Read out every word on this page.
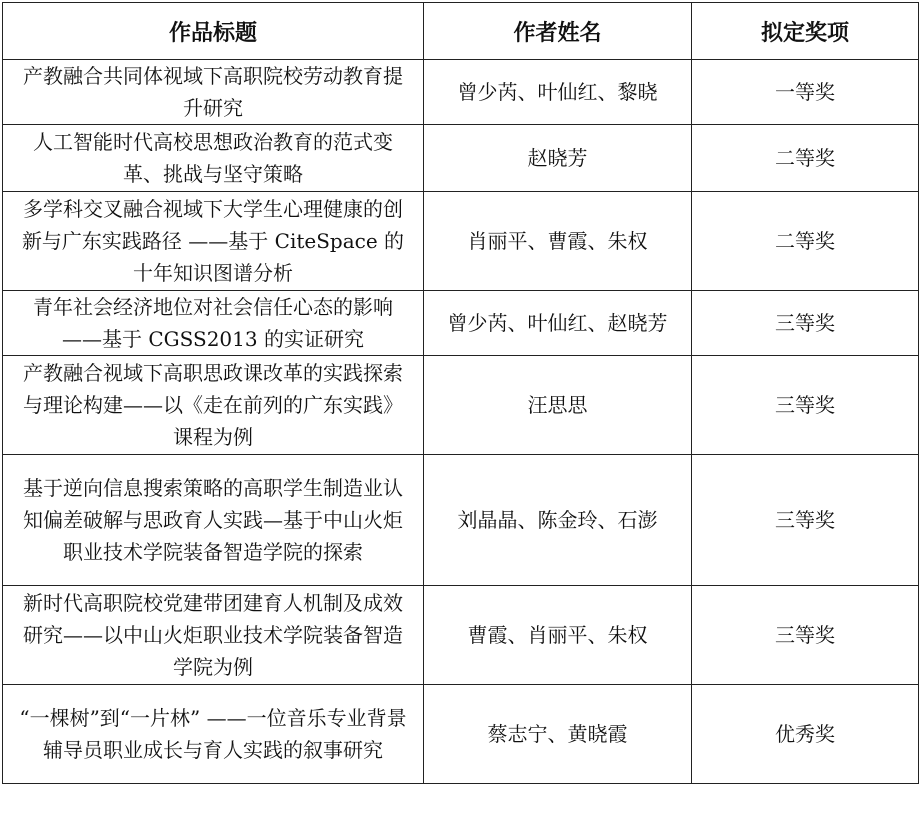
作品标题	作者姓名	拟定奖项
产教融合共同体视域下高职院校劳动教育提升研究	曾少芮、叶仙红、黎晓	一等奖
人工智能时代高校思想政治教育的范式变革、挑战与坚守策略	赵晓芳	二等奖
多学科交叉融合视域下大学生心理健康的创新与广东实践路径 ——基于 CiteSpace 的十年知识图谱分析	肖丽平、曹霞、朱权	二等奖
青年社会经济地位对社会信任心态的影响 ——基于 CGSS2013 的实证研究	曾少芮、叶仙红、赵晓芳	三等奖
产教融合视域下高职思政课改革的实践探索与理论构建——以《走在前列的广东实践》课程为例	汪思思	三等奖
基于逆向信息搜索策略的高职学生制造业认知偏差破解与思政育人实践—基于中山火炬职业技术学院装备智造学院的探索	刘晶晶、陈金玲、石澎	三等奖
新时代高职院校党建带团建育人机制及成效研究——以中山火炬职业技术学院装备智造学院为例	曹霞、肖丽平、朱权	三等奖
“一棵树”到“一片林” ——一位音乐专业背景辅导员职业成长与育人实践的叙事研究	蔡志宁、黄晓霞	优秀奖
